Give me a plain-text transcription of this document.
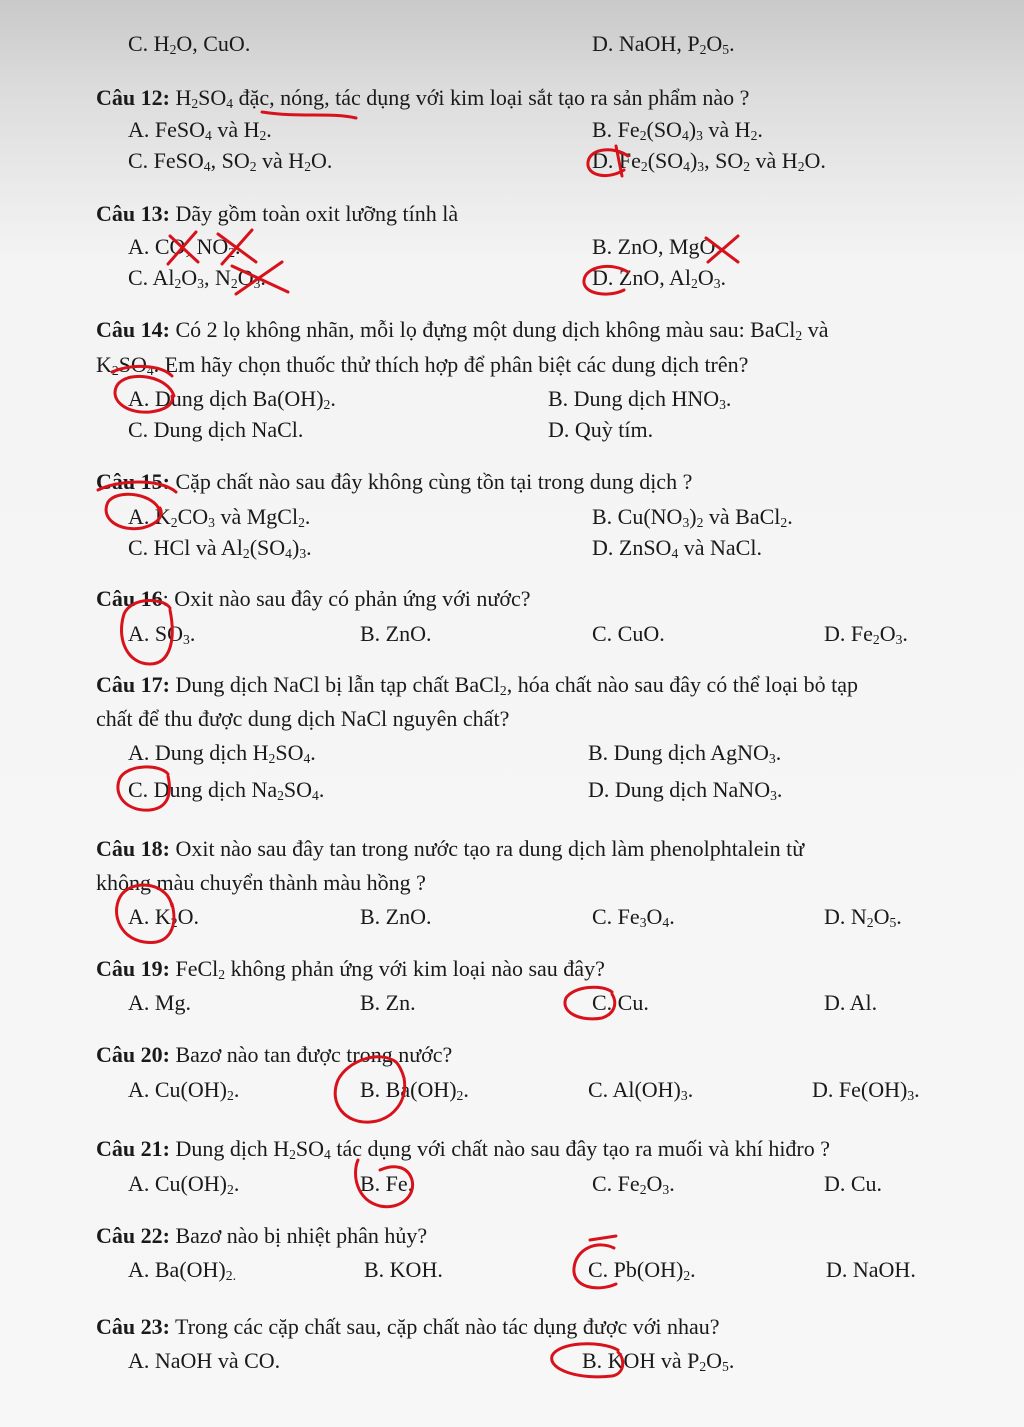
C. $H_2O$, CuO.	D. NaOH, $P_2O_5$.
Câu 12: $H_2SO_4$ đặc, nóng, tác dụng với kim loại sắt tạo ra sản phẩm nào ?
A. FeSO$_4$ và $H_2$.	B. $Fe_2(SO_4)_3$ và $H_2$.
C. FeSO$_4$, $SO_2$ và $H_2O$.	D. $Fe_2(SO_4)_3$, $SO_2$ và $H_2O$.
Câu 13: Dãy gồm toàn oxit lưỡng tính là
A. CO, $NO_2$.	B. ZnO, MgO.
C. $Al_2O_3$, $N_2O_3$.	D. ZnO, $Al_2O_3$.
Câu 14: Có 2 lọ không nhãn, mỗi lọ đựng một dung dịch không màu sau: BaCl$_2$ và
$K_2SO_4$. Em hãy chọn thuốc thử thích hợp để phân biệt các dung dịch trên?
A. Dung dịch $Ba(OH)_2$.	B. Dung dịch $HNO_3$.
C. Dung dịch NaCl.	D. Quỳ tím.
Câu 15: Cặp chất nào sau đây không cùng tồn tại trong dung dịch ?
A. $K_2CO_3$ và MgCl$_2$.	B. $Cu(NO_3)_2$ và BaCl$_2$.
C. HCl và $Al_2(SO_4)_3$.	D. ZnSO$_4$ và NaCl.
Câu 16: Oxit nào sau đây có phản ứng với nước?
A. $SO_3$.	B. ZnO.	C. CuO.	D. $Fe_2O_3$.
Câu 17: Dung dịch NaCl bị lẫn tạp chất BaCl$_2$, hóa chất nào sau đây có thể loại bỏ tạp
chất để thu được dung dịch NaCl nguyên chất?
A. Dung dịch $H_2SO_4$.	B. Dung dịch AgNO$_3$.
C. Dung dịch $Na_2SO_4$.	D. Dung dịch NaNO$_3$.
Câu 18: Oxit nào sau đây tan trong nước tạo ra dung dịch làm phenolphtalein từ
không màu chuyển thành màu hồng ?
A. $K_2O$.	B. ZnO.	C. $Fe_3O_4$.	D. $N_2O_5$.
Câu 19: FeCl$_2$ không phản ứng với kim loại nào sau đây?
A. Mg.	B. Zn.	C. Cu.	D. Al.
Câu 20: Bazơ nào tan được trong nước?
A. $Cu(OH)_2$.	B. $Ba(OH)_2$.	C. $Al(OH)_3$.	D. $Fe(OH)_3$.
Câu 21: Dung dịch $H_2SO_4$ tác dụng với chất nào sau đây tạo ra muối và khí hiđro ?
A. $Cu(OH)_2$.	B. Fe.	C. $Fe_2O_3$.	D. Cu.
Câu 22: Bazơ nào bị nhiệt phân hủy?
A. $Ba(OH)_{2.}$	B. KOH.	C. $Pb(OH)_2$.	D. NaOH.
Câu 23: Trong các cặp chất sau, cặp chất nào tác dụng được với nhau?
A. NaOH và CO.	B. KOH và $P_2O_5$.
